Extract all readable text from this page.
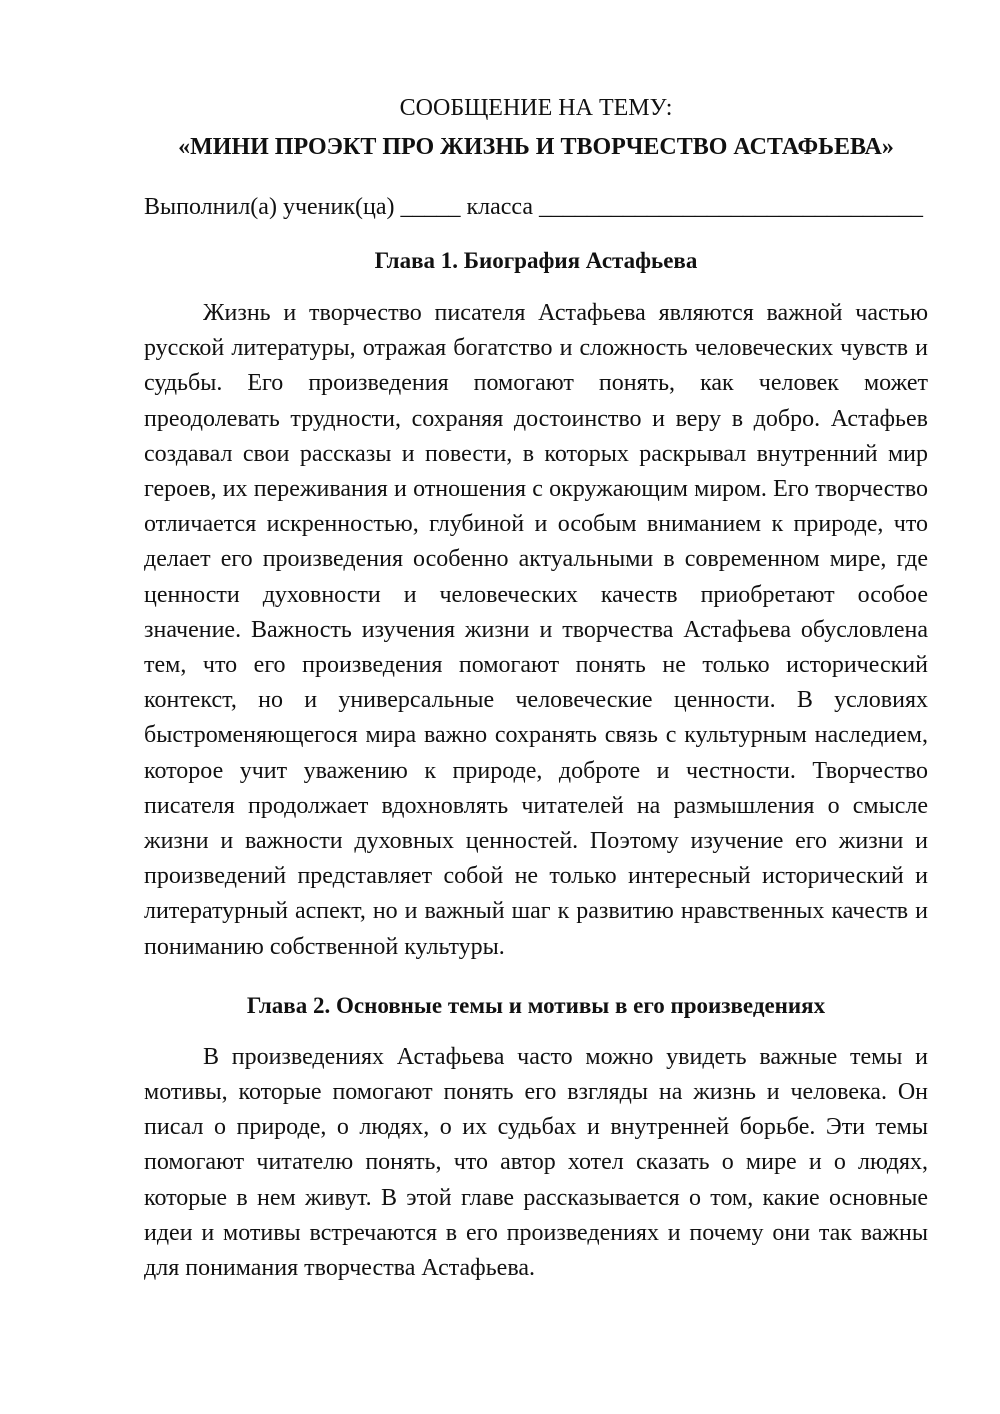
СООБЩЕНИЕ НА ТЕМУ:

«МИНИ ПРОЭКТ ПРО ЖИЗНЬ И ТВОРЧЕСТВО АСТАФЬЕВА»

Выполнил(а) ученик(ца) _____ класса ________________________________

Глава 1. Биография Астафьева

Жизнь и творчество писателя Астафьева являются важной частью русской литературы, отражая богатство и сложность человеческих чувств и судьбы. Его произведения помогают понять, как человек может преодолевать трудности, сохраняя достоинство и веру в добро. Астафьев создавал свои рассказы и повести, в которых раскрывал внутренний мир героев, их переживания и отношения с окружающим миром. Его творчество отличается искренностью, глубиной и особым вниманием к природе, что делает его произведения особенно актуальными в современном мире, где ценности духовности и человеческих качеств приобретают особое значение. Важность изучения жизни и творчества Астафьева обусловлена тем, что его произведения помогают понять не только исторический контекст, но и универсальные человеческие ценности. В условиях быстроменяющегося мира важно сохранять связь с культурным наследием, которое учит уважению к природе, доброте и честности. Творчество писателя продолжает вдохновлять читателей на размышления о смысле жизни и важности духовных ценностей. Поэтому изучение его жизни и произведений представляет собой не только интересный исторический и литературный аспект, но и важный шаг к развитию нравственных качеств и пониманию собственной культуры.

Глава 2. Основные темы и мотивы в его произведениях

В произведениях Астафьева часто можно увидеть важные темы и мотивы, которые помогают понять его взгляды на жизнь и человека. Он писал о природе, о людях, о их судьбах и внутренней борьбе. Эти темы помогают читателю понять, что автор хотел сказать о мире и о людях, которые в нем живут. В этой главе рассказывается о том, какие основные идеи и мотивы встречаются в его произведениях и почему они так важны для понимания творчества Астафьева.
